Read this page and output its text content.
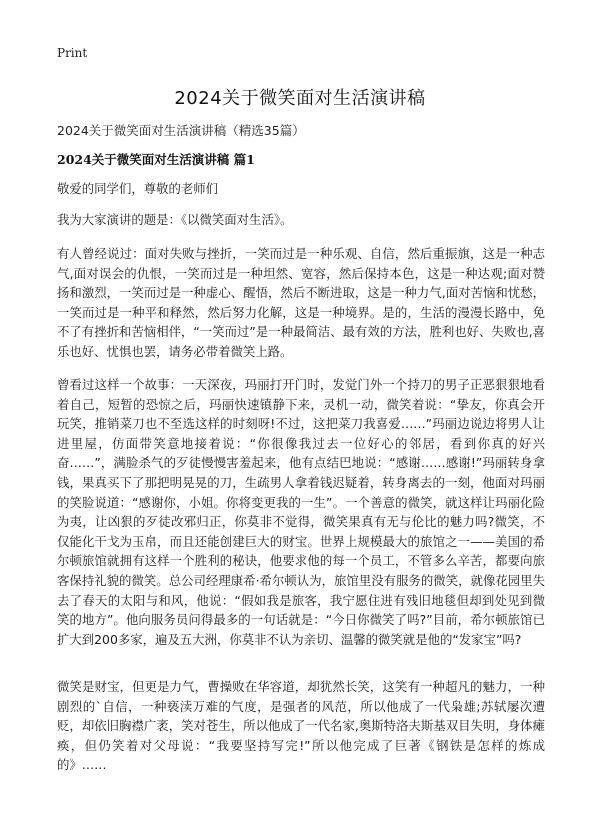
Print
2024关于微笑面对生活演讲稿

2024关于微笑面对生活演讲稿（精选35篇）

2024关于微笑面对生活演讲稿 篇1

敬爱的同学们，尊敬的老师们

我为大家演讲的题是：《以微笑面对生活》。

有人曾经说过：面对失败与挫折，一笑而过是一种乐观、自信，然后重振旗，这是一种志气,面对误会的仇恨，一笑而过是一种坦然、宽容，然后保持本色，这是一种达观;面对赞扬和激烈，一笑而过是一种虚心、醒悟，然后不断进取，这是一种力气,面对苦恼和忧愁，一笑而过是一种平和释然，然后努力化解，这是一种境界。是的，生活的漫漫长路中，免不了有挫折和苦恼相伴，“一笑而过”是一种最简洁、最有效的方法，胜利也好、失败也,喜乐也好、忧惧也罢，请务必带着微笑上路。

曾看过这样一个故事：一天深夜，玛丽打开门时，发觉门外一个持刀的男子正恶狠狠地看着自己，短暂的恐惊之后，玛丽快速镇静下来，灵机一动，微笑着说：“挚友，你真会开玩笑，推销菜刀也不至选这样的时刻呀!不过，这把菜刀我喜爱……”玛丽边说边将男人让进里屋，仿面带笑意地接着说：“你很像我过去一位好心的邻居，看到你真的好兴奋……”，满脸杀气的歹徒慢慢害羞起来，他有点结巴地说：“感谢……感谢!”玛丽转身拿钱，果真买下了那把明晃晃的刀，生疏男人拿着钱迟疑着，转身离去的一刻，他面对玛丽的笑脸说道：“感谢你，小姐。你将变更我的一生”。一个善意的微笑，就这样让玛丽化险为夷，让凶狠的歹徒改邪归正，你莫非不觉得，微笑果真有无与伦比的魅力吗?微笑，不仅能化干戈为玉帛，而且还能创建巨大的财宝。世界上规模最大的旅馆之一——美国的希尔顿旅馆就拥有这样一个胜利的秘诀，他要求他的每一个员工，不管多么辛苦，都要向旅客保持礼貌的微笑。总公司经理康希·希尔顿认为，旅馆里没有服务的微笑，就像花园里失去了春天的太阳与和风，他说：“假如我是旅客，我宁愿住进有残旧地毯但却到处见到微笑的地方”。他向服务员问得最多的一句话就是：“今日你微笑了吗?”目前，希尔顿旅馆已扩大到200多家，遍及五大洲，你莫非不认为亲切、温馨的微笑就是他的“发家宝”吗?

微笑是财宝，但更是力气，曹操败在华容道，却犹然长笑，这笑有一种超凡的魅力，一种剧烈的`自信，一种亵渎万难的气度，是强者的风范，所以他成了一代枭雄;苏轼屡次遭贬，却依旧胸襟广袤，笑对苍生，所以他成了一代名家,奥斯特洛夫斯基双目失明，身体瘫痪，但仍笑着对父母说：“我要坚持写完!”所以他完成了巨著《钢铁是怎样的炼成的》……
